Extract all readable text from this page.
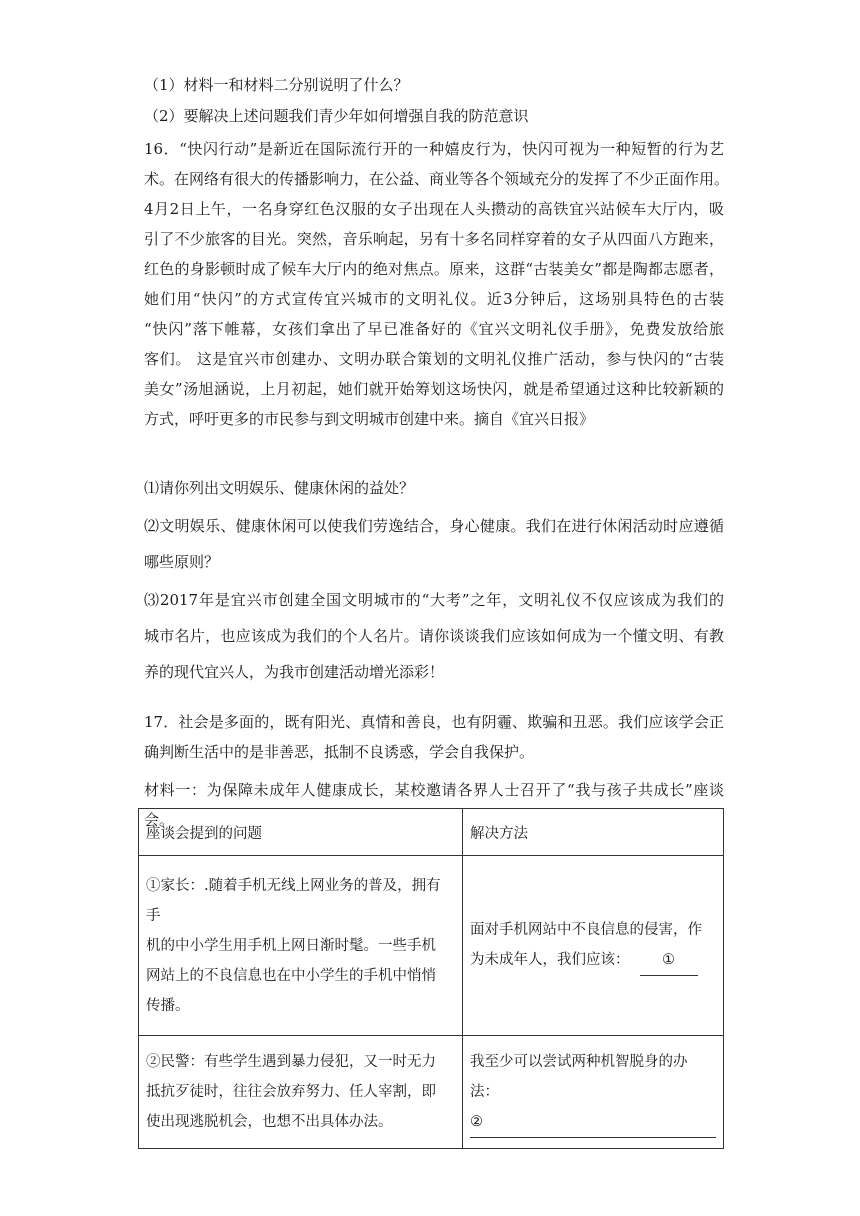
（1）材料一和材料二分别说明了什么？
（2）要解决上述问题我们青少年如何增强自我的防范意识
16．“快闪行动”是新近在国际流行开的一种嬉皮行为，快闪可视为一种短暂的行为艺
术。在网络有很大的传播影响力，在公益、商业等各个领域充分的发挥了不少正面作用。
4月2日上午，一名身穿红色汉服的女子出现在人头攒动的高铁宜兴站候车大厅内，吸
引了不少旅客的目光。突然，音乐响起，另有十多名同样穿着的女子从四面八方跑来，
红色的身影顿时成了候车大厅内的绝对焦点。原来，这群“古装美女”都是陶都志愿者，
她们用“快闪”的方式宣传宜兴城市的文明礼仪。近3分钟后，这场别具特色的古装
“快闪”落下帷幕，女孩们拿出了早已准备好的《宜兴文明礼仪手册》，免费发放给旅
客们。 这是宜兴市创建办、文明办联合策划的文明礼仪推广活动，参与快闪的“古装
美女”汤旭涵说，上月初起，她们就开始筹划这场快闪，就是希望通过这种比较新颖的
方式，呼吁更多的市民参与到文明城市创建中来。摘自《宜兴日报》
⑴请你列出文明娱乐、健康休闲的益处？
⑵文明娱乐、健康休闲可以使我们劳逸结合，身心健康。我们在进行休闲活动时应遵循
哪些原则？
⑶2017年是宜兴市创建全国文明城市的“大考”之年，文明礼仪不仅应该成为我们的
城市名片，也应该成为我们的个人名片。请你谈谈我们应该如何成为一个懂文明、有教
养的现代宜兴人，为我市创建活动增光添彩！
17．社会是多面的，既有阳光、真情和善良，也有阴霾、欺骗和丑恶。我们应该学会正
确判断生活中的是非善恶，抵制不良诱惑，学会自我保护。
材料一：为保障未成年人健康成长，某校邀请各界人士召开了“我与孩子共成长”座谈
会。
座谈会提到的问题	解决方法

①家长：.随着手机无线上网业务的普及，拥有
手
机的中小学生用手机上网日渐时髦。一些手机
网站上的不良信息也在中小学生的手机中悄悄
传播。	面对手机网站中不良信息的侵害，作
为未成年人，我们应该： ①

②民警：有些学生遇到暴力侵犯，又一时无力
抵抗歹徒时，往往会放弃努力、任人宰割，即
使出现逃脱机会，也想不出具体办法。	我至少可以尝试两种机智脱身的办
法：
②
